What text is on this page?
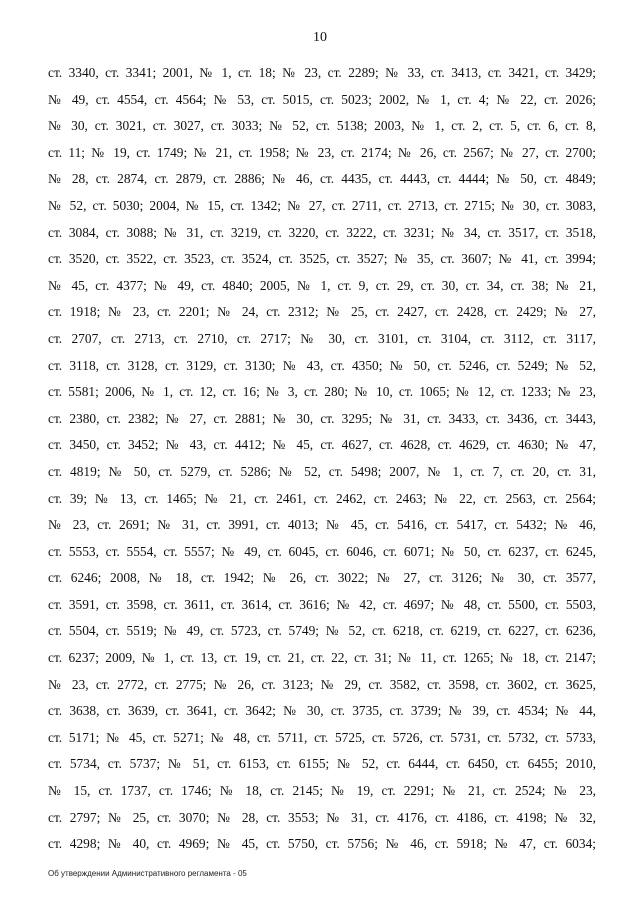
10
ст. 3340, ст. 3341; 2001, № 1, ст. 18; № 23, ст. 2289; № 33, ст. 3413, ст. 3421, ст. 3429;
№ 49, ст. 4554, ст. 4564; № 53, ст. 5015, ст. 5023; 2002, № 1, ст. 4; № 22, ст. 2026;
№ 30, ст. 3021, ст. 3027, ст. 3033; № 52, ст. 5138; 2003, № 1, ст. 2, ст. 5, ст. 6, ст. 8,
ст. 11; № 19, ст. 1749; № 21, ст. 1958; № 23, ст. 2174; № 26, ст. 2567; № 27, ст. 2700;
№ 28, ст. 2874, ст. 2879, ст. 2886; № 46, ст. 4435, ст. 4443, ст. 4444; № 50, ст. 4849;
№ 52, ст. 5030; 2004, № 15, ст. 1342; № 27, ст. 2711, ст. 2713, ст. 2715; № 30, ст. 3083,
ст. 3084, ст. 3088; № 31, ст. 3219, ст. 3220, ст. 3222, ст. 3231; № 34, ст. 3517, ст. 3518,
ст. 3520, ст. 3522, ст. 3523, ст. 3524, ст. 3525, ст. 3527; № 35, ст. 3607; № 41, ст. 3994;
№ 45, ст. 4377; № 49, ст. 4840; 2005, № 1, ст. 9, ст. 29, ст. 30, ст. 34, ст. 38; № 21,
ст. 1918; № 23, ст. 2201; № 24, ст. 2312; № 25, ст. 2427, ст. 2428, ст. 2429; № 27,
ст. 2707, ст. 2713, ст. 2710, ст. 2717; № 30, ст. 3101, ст. 3104, ст. 3112, ст. 3117,
ст. 3118, ст. 3128, ст. 3129, ст. 3130; № 43, ст. 4350; № 50, ст. 5246, ст. 5249; № 52,
ст. 5581; 2006, № 1, ст. 12, ст. 16; № 3, ст. 280; № 10, ст. 1065; № 12, ст. 1233; № 23,
ст. 2380, ст. 2382; № 27, ст. 2881; № 30, ст. 3295; № 31, ст. 3433, ст. 3436, ст. 3443,
ст. 3450, ст. 3452; № 43, ст. 4412; № 45, ст. 4627, ст. 4628, ст. 4629, ст. 4630; № 47,
ст. 4819; № 50, ст. 5279, ст. 5286; № 52, ст. 5498; 2007, № 1, ст. 7, ст. 20, ст. 31,
ст. 39; № 13, ст. 1465; № 21, ст. 2461, ст. 2462, ст. 2463; № 22, ст. 2563, ст. 2564;
№ 23, ст. 2691; № 31, ст. 3991, ст. 4013; № 45, ст. 5416, ст. 5417, ст. 5432; № 46,
ст. 5553, ст. 5554, ст. 5557; № 49, ст. 6045, ст. 6046, ст. 6071; № 50, ст. 6237, ст. 6245,
ст. 6246; 2008, № 18, ст. 1942; № 26, ст. 3022; № 27, ст. 3126; № 30, ст. 3577,
ст. 3591, ст. 3598, ст. 3611, ст. 3614, ст. 3616; № 42, ст. 4697; № 48, ст. 5500, ст. 5503,
ст. 5504, ст. 5519; № 49, ст. 5723, ст. 5749; № 52, ст. 6218, ст. 6219, ст. 6227, ст. 6236,
ст. 6237; 2009, № 1, ст. 13, ст. 19, ст. 21, ст. 22, ст. 31; № 11, ст. 1265; № 18, ст. 2147;
№ 23, ст. 2772, ст. 2775; № 26, ст. 3123; № 29, ст. 3582, ст. 3598, ст. 3602, ст. 3625,
ст. 3638, ст. 3639, ст. 3641, ст. 3642; № 30, ст. 3735, ст. 3739; № 39, ст. 4534; № 44,
ст. 5171; № 45, ст. 5271; № 48, ст. 5711, ст. 5725, ст. 5726, ст. 5731, ст. 5732, ст. 5733,
ст. 5734, ст. 5737; № 51, ст. 6153, ст. 6155; № 52, ст. 6444, ст. 6450, ст. 6455; 2010,
№ 15, ст. 1737, ст. 1746; № 18, ст. 2145; № 19, ст. 2291; № 21, ст. 2524; № 23,
ст. 2797; № 25, ст. 3070; № 28, ст. 3553; № 31, ст. 4176, ст. 4186, ст. 4198; № 32,
ст. 4298; № 40, ст. 4969; № 45, ст. 5750, ст. 5756; № 46, ст. 5918; № 47, ст. 6034;
Об утверждении Административного регламента - 05
